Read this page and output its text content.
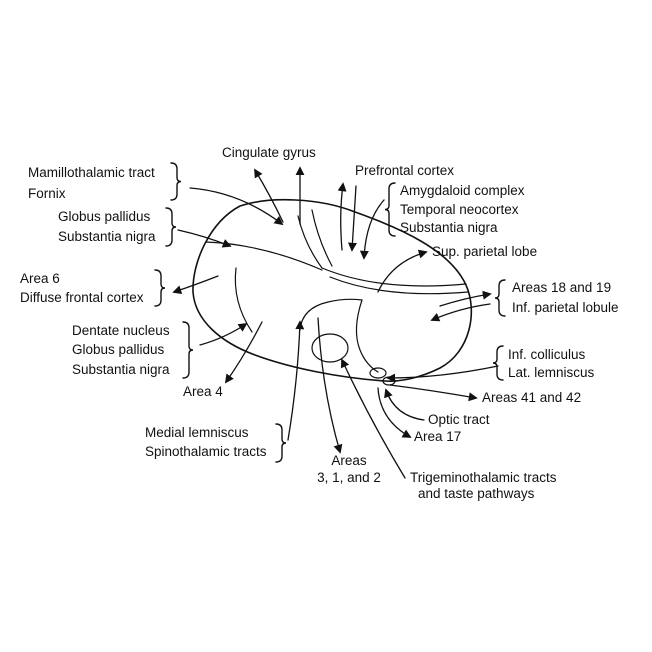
Cingulate gyrus
Mamillothalamic tract
Fornix
Prefrontal cortex
Amygdaloid complex
Temporal neocortex
Substantia nigra
Globus pallidus
Substantia nigra
Sup. parietal lobe
Area 6
Diffuse frontal cortex
Areas 18 and 19
Inf. parietal lobule
Dentate nucleus
Globus pallidus
Substantia nigra
Inf. colliculus
Lat. lemniscus
Area 4	Areas 41 and 42
Optic tract
Medial lemniscus
Spinothalamic tracts
Area 17
Areas
3, 1, and 2 Trigeminothalamic tracts
and taste pathways
